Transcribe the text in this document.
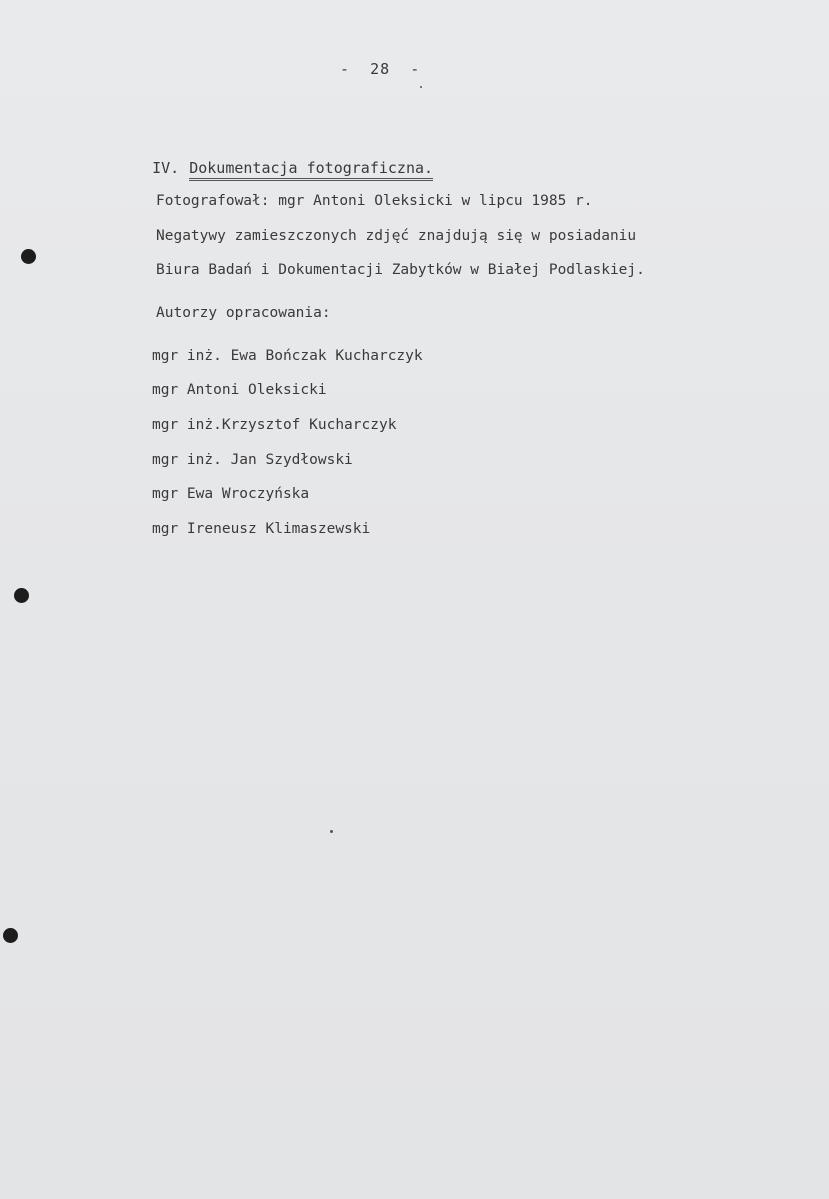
-  28  -

IV. Dokumentacja fotograficzna.

Fotografował: mgr Antoni Oleksicki w lipcu 1985 r.
Negatywy zamieszczonych zdjęć znajdują się w posiadaniu
Biura Badań i Dokumentacji Zabytków w Białej Podlaskiej.
Autorzy opracowania:
mgr inż. Ewa Bończak Kucharczyk
mgr Antoni Oleksicki
mgr inż.Krzysztof Kucharczyk
mgr inż. Jan Szydłowski
mgr Ewa Wroczyńska
mgr Ireneusz Klimaszewski
